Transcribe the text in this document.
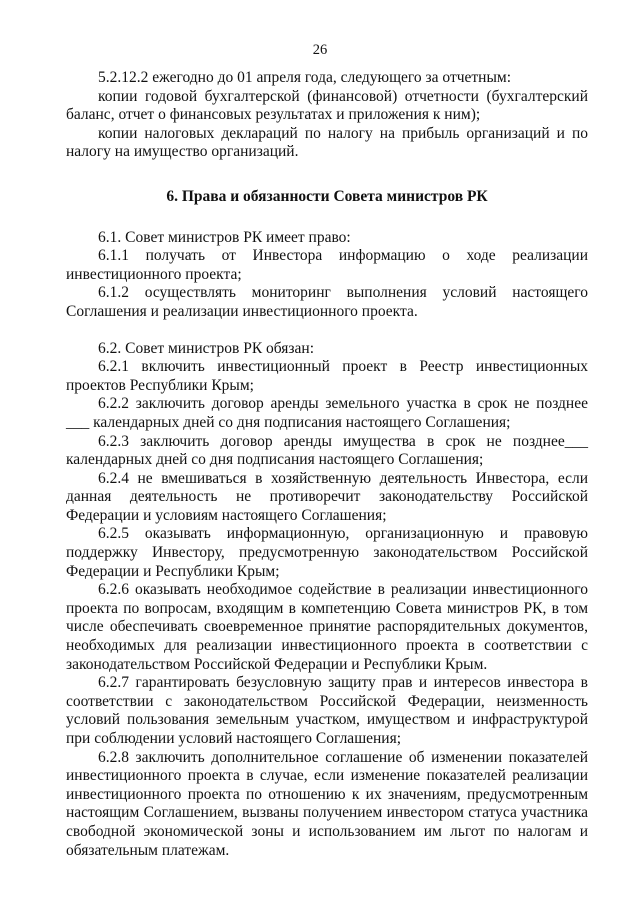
26

5.2.12.2 ежегодно до 01 апреля года, следующего за отчетным:

копии годовой бухгалтерской (финансовой) отчетности (бухгалтерский баланс, отчет о финансовых результатах и приложения к ним);

копии налоговых деклараций по налогу на прибыль организаций и по налогу на имущество организаций.

6. Права и обязанности Совета министров РК

6.1. Совет министров РК имеет право:

6.1.1 получать от Инвестора информацию о ходе реализации инвестиционного проекта;

6.1.2 осуществлять мониторинг выполнения условий настоящего Соглашения и реализации инвестиционного проекта.

6.2. Совет министров РК обязан:

6.2.1 включить инвестиционный проект в Реестр инвестиционных проектов Республики Крым;

6.2.2 заключить договор аренды земельного участка в срок не позднее ___ календарных дней со дня подписания настоящего Соглашения;

6.2.3 заключить договор аренды имущества в срок не позднее___ календарных дней со дня подписания настоящего Соглашения;

6.2.4 не вмешиваться в хозяйственную деятельность Инвестора, если данная деятельность не противоречит законодательству Российской Федерации и условиям настоящего Соглашения;

6.2.5 оказывать информационную, организационную и правовую поддержку Инвестору, предусмотренную законодательством Российской Федерации и Республики Крым;

6.2.6 оказывать необходимое содействие в реализации инвестиционного проекта по вопросам, входящим в компетенцию Совета министров РК, в том числе обеспечивать своевременное принятие распорядительных документов, необходимых для реализации инвестиционного проекта в соответствии с законодательством Российской Федерации и Республики Крым.

6.2.7 гарантировать безусловную защиту прав и интересов инвестора в соответствии с законодательством Российской Федерации, неизменность условий пользования земельным участком, имуществом и инфраструктурой при соблюдении условий настоящего Соглашения;

6.2.8 заключить дополнительное соглашение об изменении показателей инвестиционного проекта в случае, если изменение показателей реализации инвестиционного проекта по отношению к их значениям, предусмотренным настоящим Соглашением, вызваны получением инвестором статуса участника свободной экономической зоны и использованием им льгот по налогам и обязательным платежам.
